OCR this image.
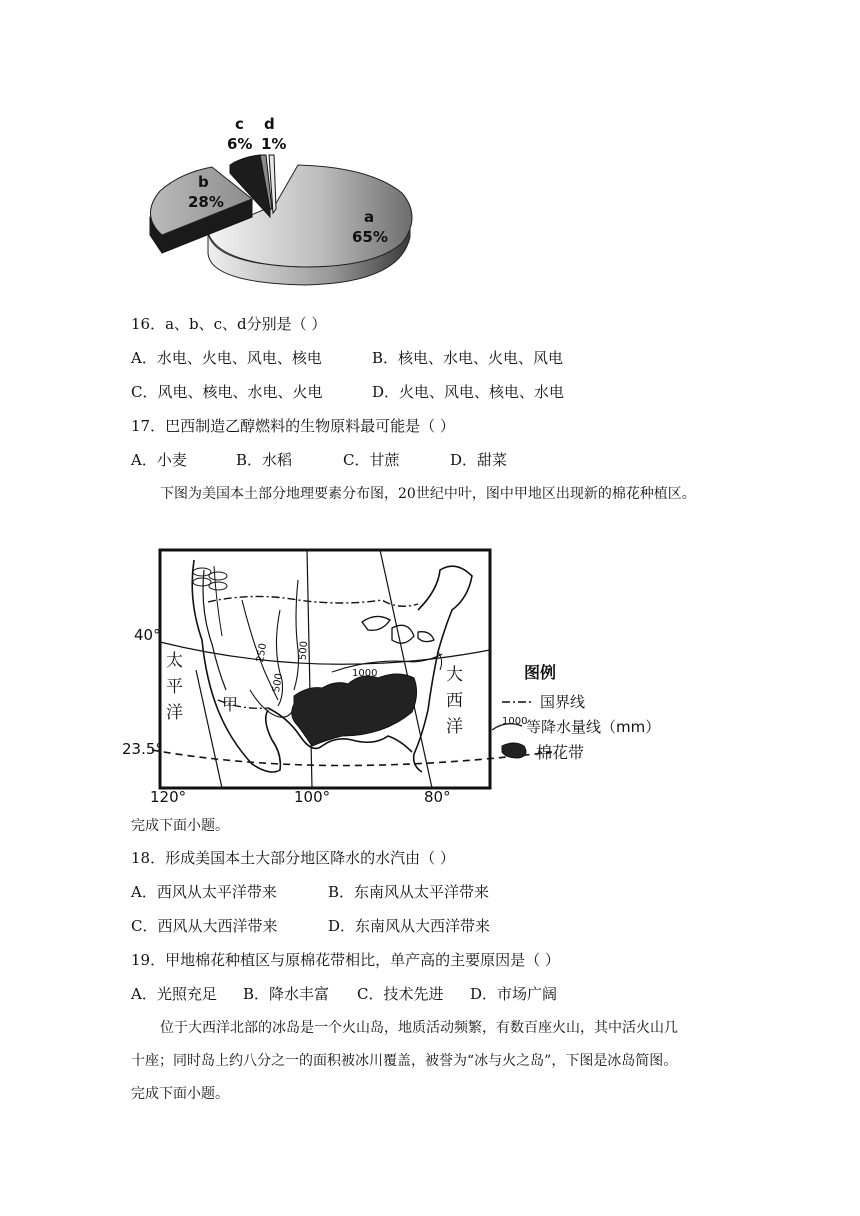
c
6%
d
1%
b
28%
a
65%
16．a、b、c、d分别是（ ）
A．水电、火电、风电、核电	B．核电、水电、火电、风电
C．风电、核电、水电、火电	D．火电、风电、核电、水电
17．巴西制造乙醇燃料的生物原料最可能是（ ）
A．小麦	B．水稻	C．甘蔗	D．甜菜
下图为美国本土部分地理要素分布图，20世纪中叶，图中甲地区出现新的棉花种植区。
40°
23.5°
120°	100°	80°
太
平
洋
大
西
洋
甲
250
500
500
1000	图例
国界线
1000
等降水量线（mm）
棉花带
完成下面小题。
18．形成美国本土大部分地区降水的水汽由（ ）
A．西风从太平洋带来	B．东南风从太平洋带来
C．西风从大西洋带来	D．东南风从大西洋带来
19．甲地棉花种植区与原棉花带相比，单产高的主要原因是（ ）
A．光照充足 B．降水丰富 C．技术先进 D．市场广阔
位于大西洋北部的冰岛是一个火山岛，地质活动频繁，有数百座火山，其中活火山几
十座；同时岛上约八分之一的面积被冰川覆盖，被誉为“冰与火之岛”，下图是冰岛简图。
完成下面小题。
